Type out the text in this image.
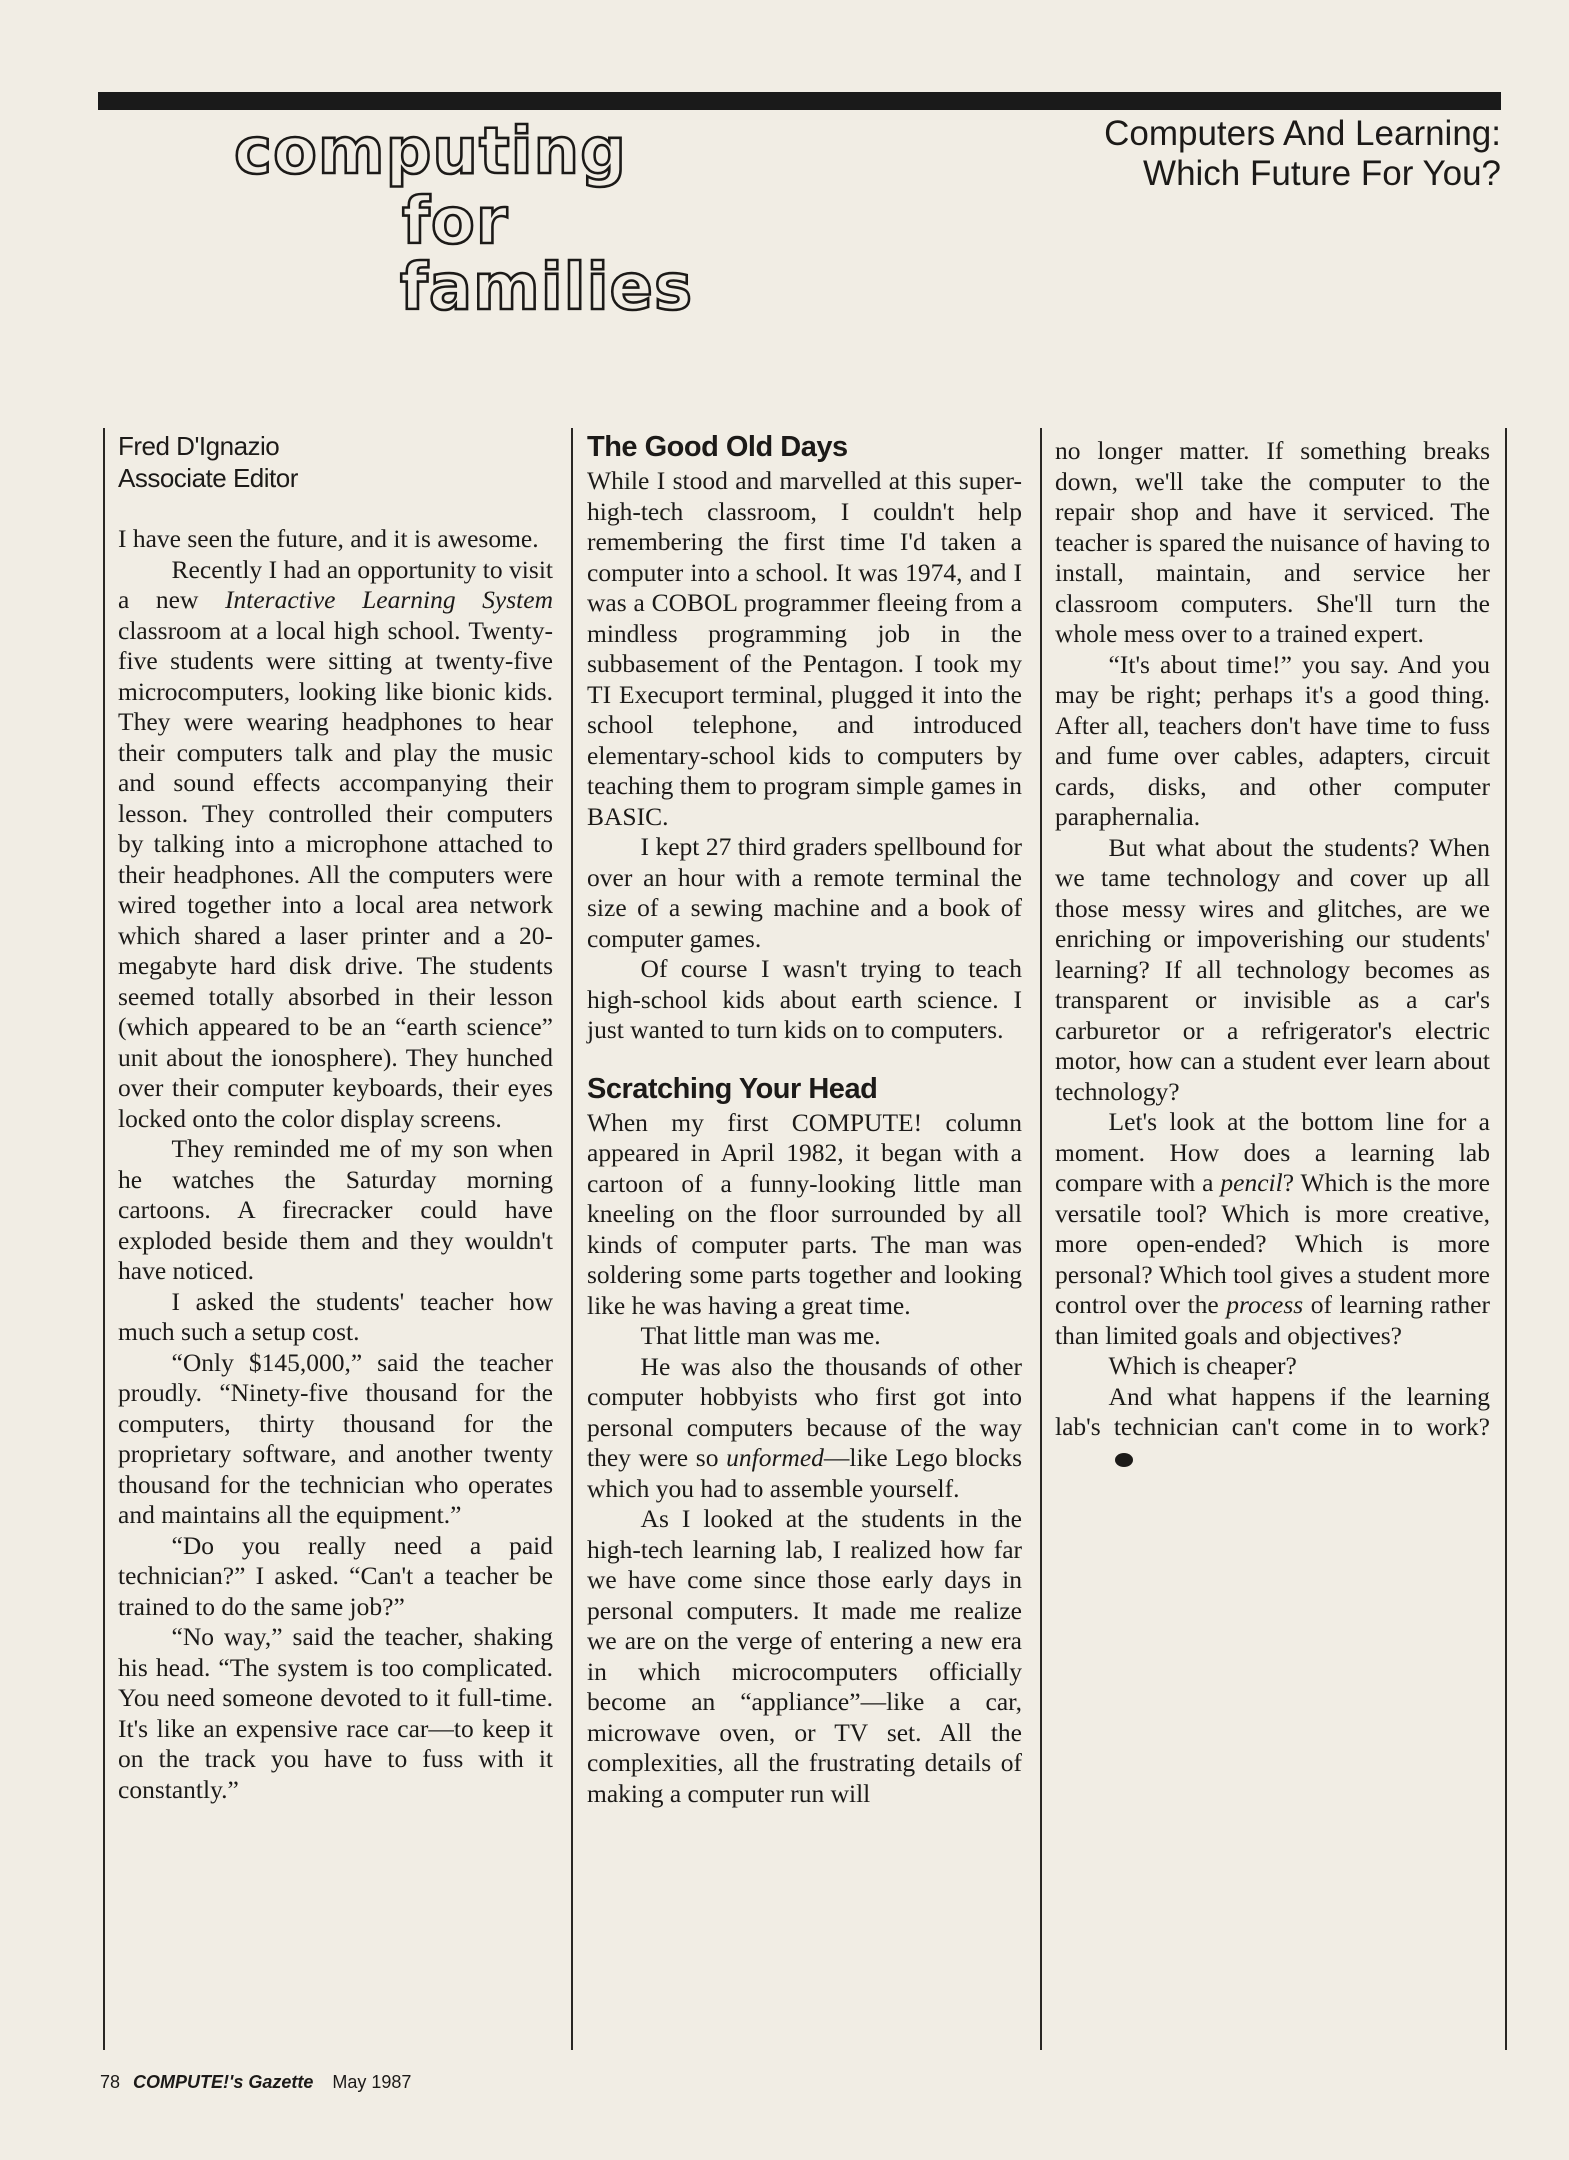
computing
for
families
Computers And Learning:
Which Future For You?

Fred D'Ignazio
Associate Editor

I have seen the future, and it is awesome.

Recently I had an opportunity to visit a new Interactive Learning System classroom at a local high school. Twenty-five students were sitting at twenty-five microcomputers, looking like bionic kids. They were wearing headphones to hear their computers talk and play the music and sound effects accompanying their lesson. They controlled their computers by talking into a microphone attached to their headphones. All the computers were wired together into a local area network which shared a laser printer and a 20-megabyte hard disk drive. The students seemed totally absorbed in their lesson (which appeared to be an “earth science” unit about the ionosphere). They hunched over their computer keyboards, their eyes locked onto the color display screens.

They reminded me of my son when he watches the Saturday morning cartoons. A firecracker could have exploded beside them and they wouldn't have noticed.

I asked the students' teacher how much such a setup cost.

“Only $145,000,” said the teacher proudly. “Ninety-five thousand for the computers, thirty thousand for the proprietary software, and another twenty thousand for the technician who operates and maintains all the equipment.”

“Do you really need a paid technician?” I asked. “Can't a teacher be trained to do the same job?”

“No way,” said the teacher, shaking his head. “The system is too complicated. You need someone devoted to it full-time. It's like an expensive race car—to keep it on the track you have to fuss with it constantly.”

The Good Old Days

While I stood and marvelled at this super-high-tech classroom, I couldn't help remembering the first time I'd taken a computer into a school. It was 1974, and I was a COBOL programmer fleeing from a mindless programming job in the subbasement of the Pentagon. I took my TI Execuport terminal, plugged it into the school telephone, and introduced elementary-school kids to computers by teaching them to program simple games in BASIC.

I kept 27 third graders spellbound for over an hour with a remote terminal the size of a sewing machine and a book of computer games.

Of course I wasn't trying to teach high-school kids about earth science. I just wanted to turn kids on to computers.

Scratching Your Head

When my first COMPUTE! column appeared in April 1982, it began with a cartoon of a funny-looking little man kneeling on the floor surrounded by all kinds of computer parts. The man was soldering some parts together and looking like he was having a great time.

That little man was me.

He was also the thousands of other computer hobbyists who first got into personal computers because of the way they were so unformed—like Lego blocks which you had to assemble yourself.

As I looked at the students in the high-tech learning lab, I realized how far we have come since those early days in personal computers. It made me realize we are on the verge of entering a new era in which microcomputers officially become an “appliance”—like a car, microwave oven, or TV set. All the complexities, all the frustrating details of making a computer run will

no longer matter. If something breaks down, we'll take the computer to the repair shop and have it serviced. The teacher is spared the nuisance of having to install, maintain, and service her classroom computers. She'll turn the whole mess over to a trained expert.

“It's about time!” you say. And you may be right; perhaps it's a good thing. After all, teachers don't have time to fuss and fume over cables, adapters, circuit cards, disks, and other computer paraphernalia.

But what about the students? When we tame technology and cover up all those messy wires and glitches, are we enriching or impoverishing our students' learning? If all technology becomes as transparent or invisible as a car's carburetor or a refrigerator's electric motor, how can a student ever learn about technology?

Let's look at the bottom line for a moment. How does a learning lab compare with a pencil? Which is the more versatile tool? Which is more creative, more open-ended? Which is more personal? Which tool gives a student more control over the process of learning rather than limited goals and objectives?

Which is cheaper?

And what happens if the learning lab's technician can't come in to work?

78 COMPUTE!'s Gazette May 1987
